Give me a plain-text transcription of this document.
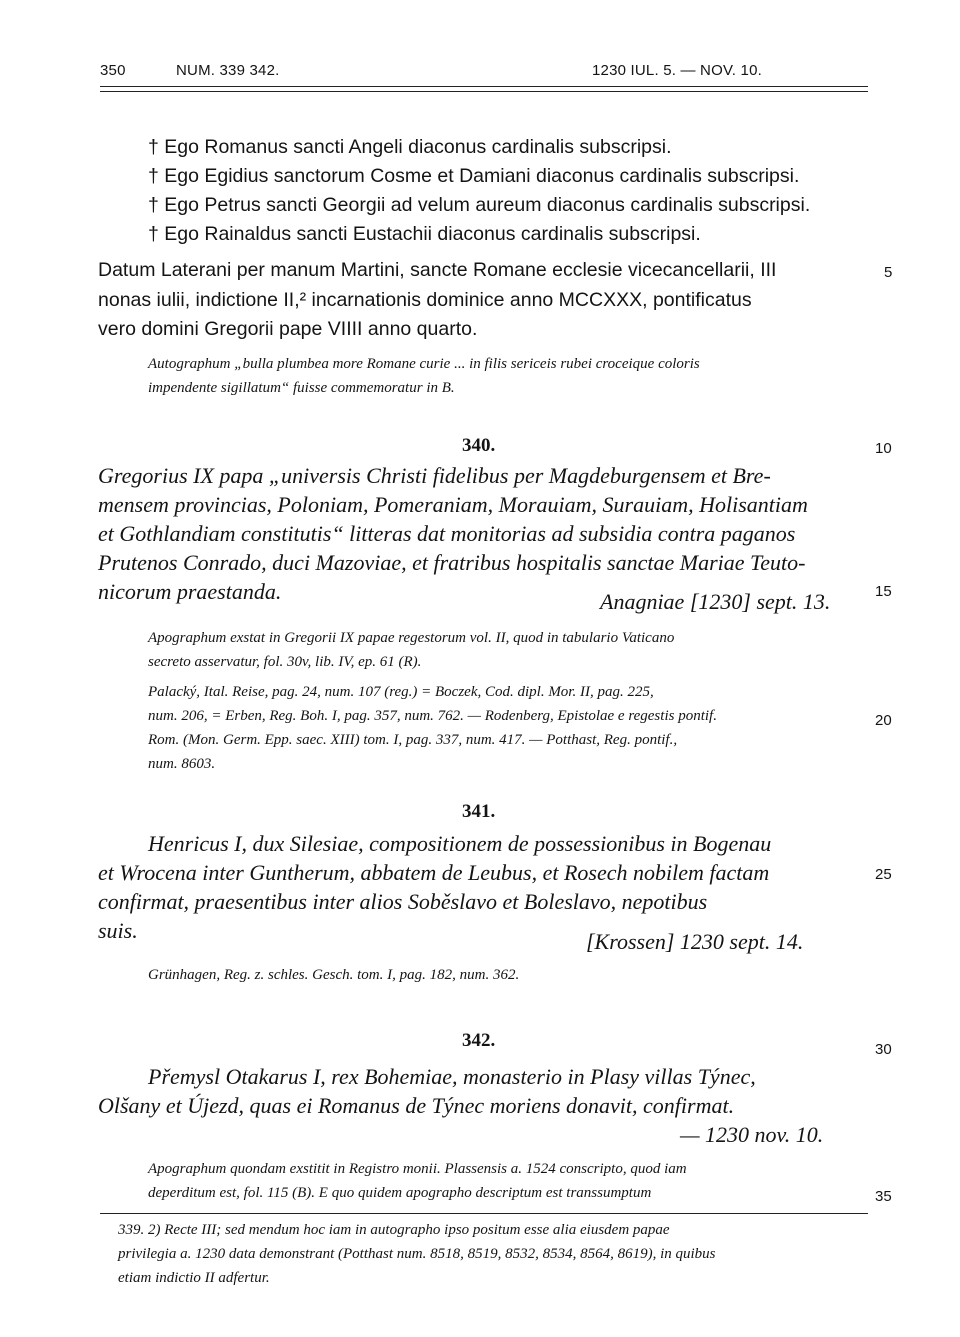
350	NUM. 339 342.	1230 IUL. 5. — NOV. 10.
† Ego Romanus sancti Angeli diaconus cardinalis subscripsi.
† Ego Egidius sanctorum Cosme et Damiani diaconus cardinalis subscripsi.
† Ego Petrus sancti Georgii ad velum aureum diaconus cardinalis subscripsi.
† Ego Rainaldus sancti Eustachii diaconus cardinalis subscripsi.
Datum Laterani per manum Martini, sancte Romane ecclesie vicecancellarii, III
nonas iulii, indictione II,² incarnationis dominice anno MCCXXX, pontificatus
vero domini Gregorii pape VIIII anno quarto.
Autographum „bulla plumbea more Romane curie ... in filis sericeis rubei croceique coloris
impendente sigillatum“ fuisse commemoratur in B.
340.
Gregorius IX papa „universis Christi fidelibus per Magdeburgensem et Bre-
mensem provincias, Poloniam, Pomeraniam, Morauiam, Surauiam, Holisantiam
et Gothlandiam constitutis“ litteras dat monitorias ad subsidia contra paganos
Prutenos Conrado, duci Mazoviae, et fratribus hospitalis sanctae Mariae Teuto-
nicorum praestanda.	Anagniae [1230] sept. 13.
Apographum exstat in Gregorii IX papae regestorum vol. II, quod in tabulario Vaticano
secreto asservatur, fol. 30v, lib. IV, ep. 61 (R).
Palacký, Ital. Reise, pag. 24, num. 107 (reg.) = Boczek, Cod. dipl. Mor. II, pag. 225,
num. 206, = Erben, Reg. Boh. I, pag. 357, num. 762. — Rodenberg, Epistolae e regestis pontif.
Rom. (Mon. Germ. Epp. saec. XIII) tom. I, pag. 337, num. 417. — Potthast, Reg. pontif.,
num. 8603.
341.
Henricus I, dux Silesiae, compositionem de possessionibus in Bogenau
et Wrocena inter Guntherum, abbatem de Leubus, et Rosech nobilem factam
confirmat, praesentibus inter alios Soběslavo et Boleslavo, nepotibus
suis.	[Krossen] 1230 sept. 14.
Grünhagen, Reg. z. schles. Gesch. tom. I, pag. 182, num. 362.
342.
Přemysl Otakarus I, rex Bohemiae, monasterio in Plasy villas Týnec,
Olšany et Újezd, quas ei Romanus de Týnec moriens donavit, confirmat.
— 1230 nov. 10.
Apographum quondam exstitit in Registro monii. Plassensis a. 1524 conscripto, quod iam
deperditum est, fol. 115 (B). E quo quidem apographo descriptum est transsumptum
339. 2) Recte III; sed mendum hoc iam in autographo ipso positum esse alia eiusdem papae
privilegia a. 1230 data demonstrant (Potthast num. 8518, 8519, 8532, 8534, 8564, 8619), in quibus
etiam indictio II adfertur.
5
10
15
20
25
30
35
